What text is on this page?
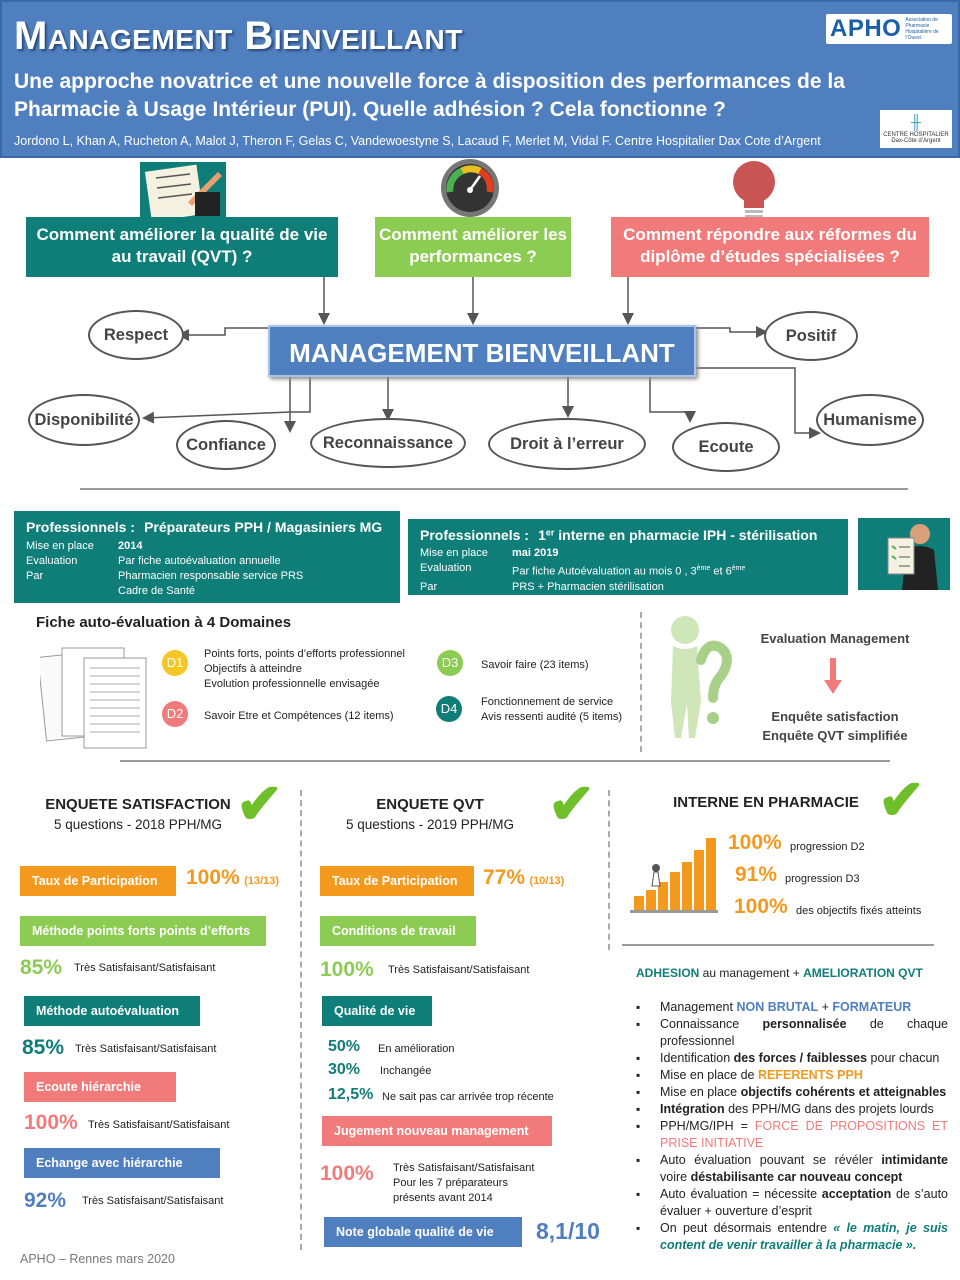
Management Bienveillant
Une approche novatrice et une nouvelle force à disposition des performances de la Pharmacie à Usage Intérieur (PUI). Quelle adhésion ? Cela fonctionne ?
Jordono L, Khan A, Rucheton A, Malot J, Theron F, Gelas C, Vandewoestyne S, Lacaud F, Merlet M, Vidal F. Centre Hospitalier Dax Cote d’Argent
APHO Association de Pharmacie Hospitalière de l’Ouest
╫
CENTRE HOSPITALIER Dax-Côte d’Argent
Comment améliorer la qualité de vie au travail (QVT) ?
Comment améliorer les performances ?
Comment répondre aux réformes du diplôme d’études spécialisées ?
MANAGEMENT BIENVEILLANT
Respect	Positif
Disponibilité
Confiance	Reconnaissance	Droit à l’erreur	Ecoute
Humanisme
Professionnels : Préparateurs PPH / Magasiniers MG
Mise en place	2014
Evaluation	Par fiche autoévaluation annuelle
Par	Pharmacien responsable service PRS
Cadre de Santé
Professionnels : 1er interne en pharmacie IPH - stérilisation
Mise en place	mai 2019
Evaluation	Par fiche Autoévaluation au mois 0 , 3ème et 6ème
Par	PRS + Pharmacien stérilisation
Fiche auto-évaluation à 4 Domaines
D1
Points forts, points d’efforts professionnel
Objectifs à atteindre
Evolution professionnelle envisagée
D2	Savoir Etre et Compétences (12 items)
D3	Savoir faire (23 items)
D4	Fonctionnement de service
Avis ressenti audité (5 items)
Evaluation Management
Enquête satisfaction
Enquête QVT simplifiée
ENQUETE SATISFACTION
5 questions - 2018 PPH/MG ✔
Taux de Participation	100% (13/13)
Méthode points forts points d’efforts
85% Très Satisfaisant/Satisfaisant
Méthode autoévaluation
85% Très Satisfaisant/Satisfaisant
Ecoute hiérarchie
100% Très Satisfaisant/Satisfaisant
Echange avec hiérarchie
92% Très Satisfaisant/Satisfaisant
ENQUETE QVT
5 questions - 2019 PPH/MG ✔
Taux de Participation	77% (10/13)
Conditions de travail
100% Très Satisfaisant/Satisfaisant
Qualité de vie
50% En amélioration
30% Inchangée
12,5% Ne sait pas car arrivée trop récente
Jugement nouveau management
100% Très Satisfaisant/Satisfaisant
Pour les 7 préparateurs
présents avant 2014
Note globale qualité de vie	8,1/10
INTERNE EN PHARMACIE ✔
100% progression D2
91% progression D3
100% des objectifs fixés atteints
ADHESION au management + AMELIORATION QVT
▪ Management NON BRUTAL + FORMATEUR
▪ Connaissance personnalisée de chaque professionnel
▪ Identification des forces / faiblesses pour chacun
▪ Mise en place de REFERENTS PPH
▪ Mise en place objectifs cohérents et atteignables
▪ Intégration des PPH/MG dans des projets lourds
▪ PPH/MG/IPH = FORCE DE PROPOSITIONS ET PRISE INITIATIVE
▪ Auto évaluation pouvant se révéler intimidante voire déstabilisante car nouveau concept
▪ Auto évaluation = nécessite acceptation de s’auto évaluer + ouverture d’esprit
▪ On peut désormais entendre « le matin, je suis content de venir travailler à la pharmacie ».
APHO – Rennes mars 2020
